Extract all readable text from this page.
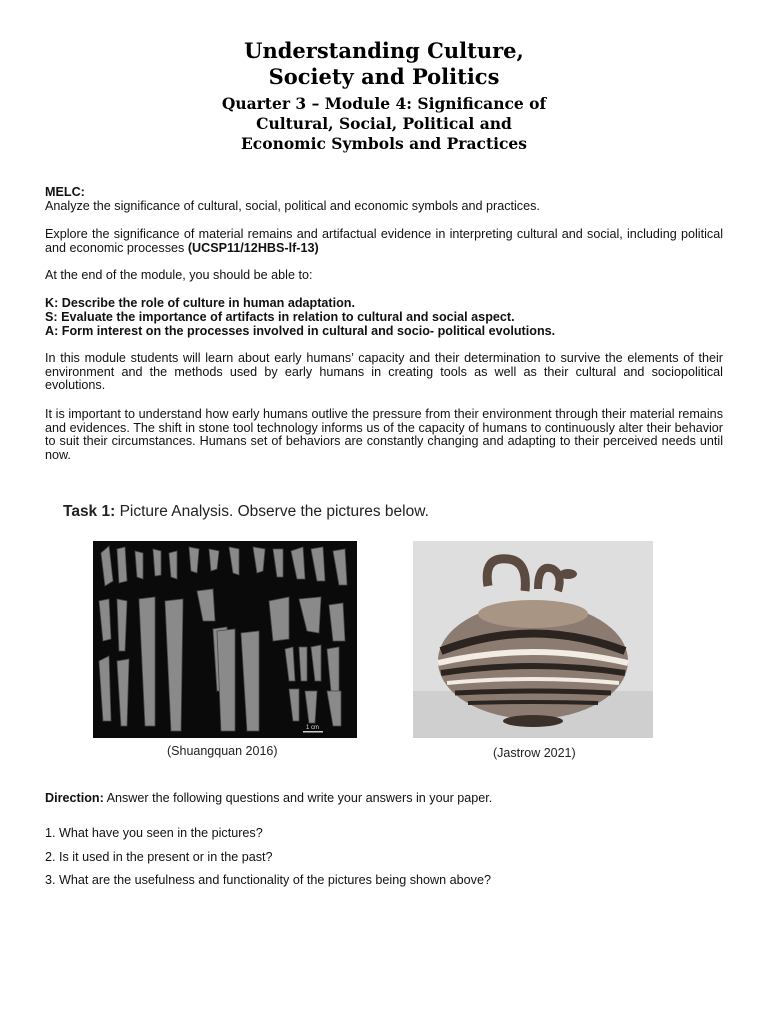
Understanding Culture,
Society and Politics
Quarter 3 – Module 4: Significance of
Cultural, Social, Political and
Economic Symbols and Practices
MELC:
Analyze the significance of cultural, social, political and economic symbols and practices.
Explore the significance of material remains and artifactual evidence in interpreting cultural and social, including political and economic processes (UCSP11/12HBS-lf-13)
At the end of the module, you should be able to:
K: Describe the role of culture in human adaptation.
S: Evaluate the importance of artifacts in relation to cultural and social aspect.
A: Form interest on the processes involved in cultural and socio- political evolutions.
In this module students will learn about early humans’ capacity and their determination to survive the elements of their environment and the methods used by early humans in creating tools as well as their cultural and sociopolitical evolutions.
It is important to understand how early humans outlive the pressure from their environment through their material remains and evidences. The shift in stone tool technology informs us of the capacity of humans to continuously alter their behavior to suit their circumstances. Humans set of behaviors are constantly changing and adapting to their perceived needs until now.
Task 1: Picture Analysis. Observe the pictures below.
1 cm
(Shuangquan 2016)	(Jastrow 2021)
Direction: Answer the following questions and write your answers in your paper.
1. What have you seen in the pictures?
2. Is it used in the present or in the past?
3. What are the usefulness and functionality of the pictures being shown above?
